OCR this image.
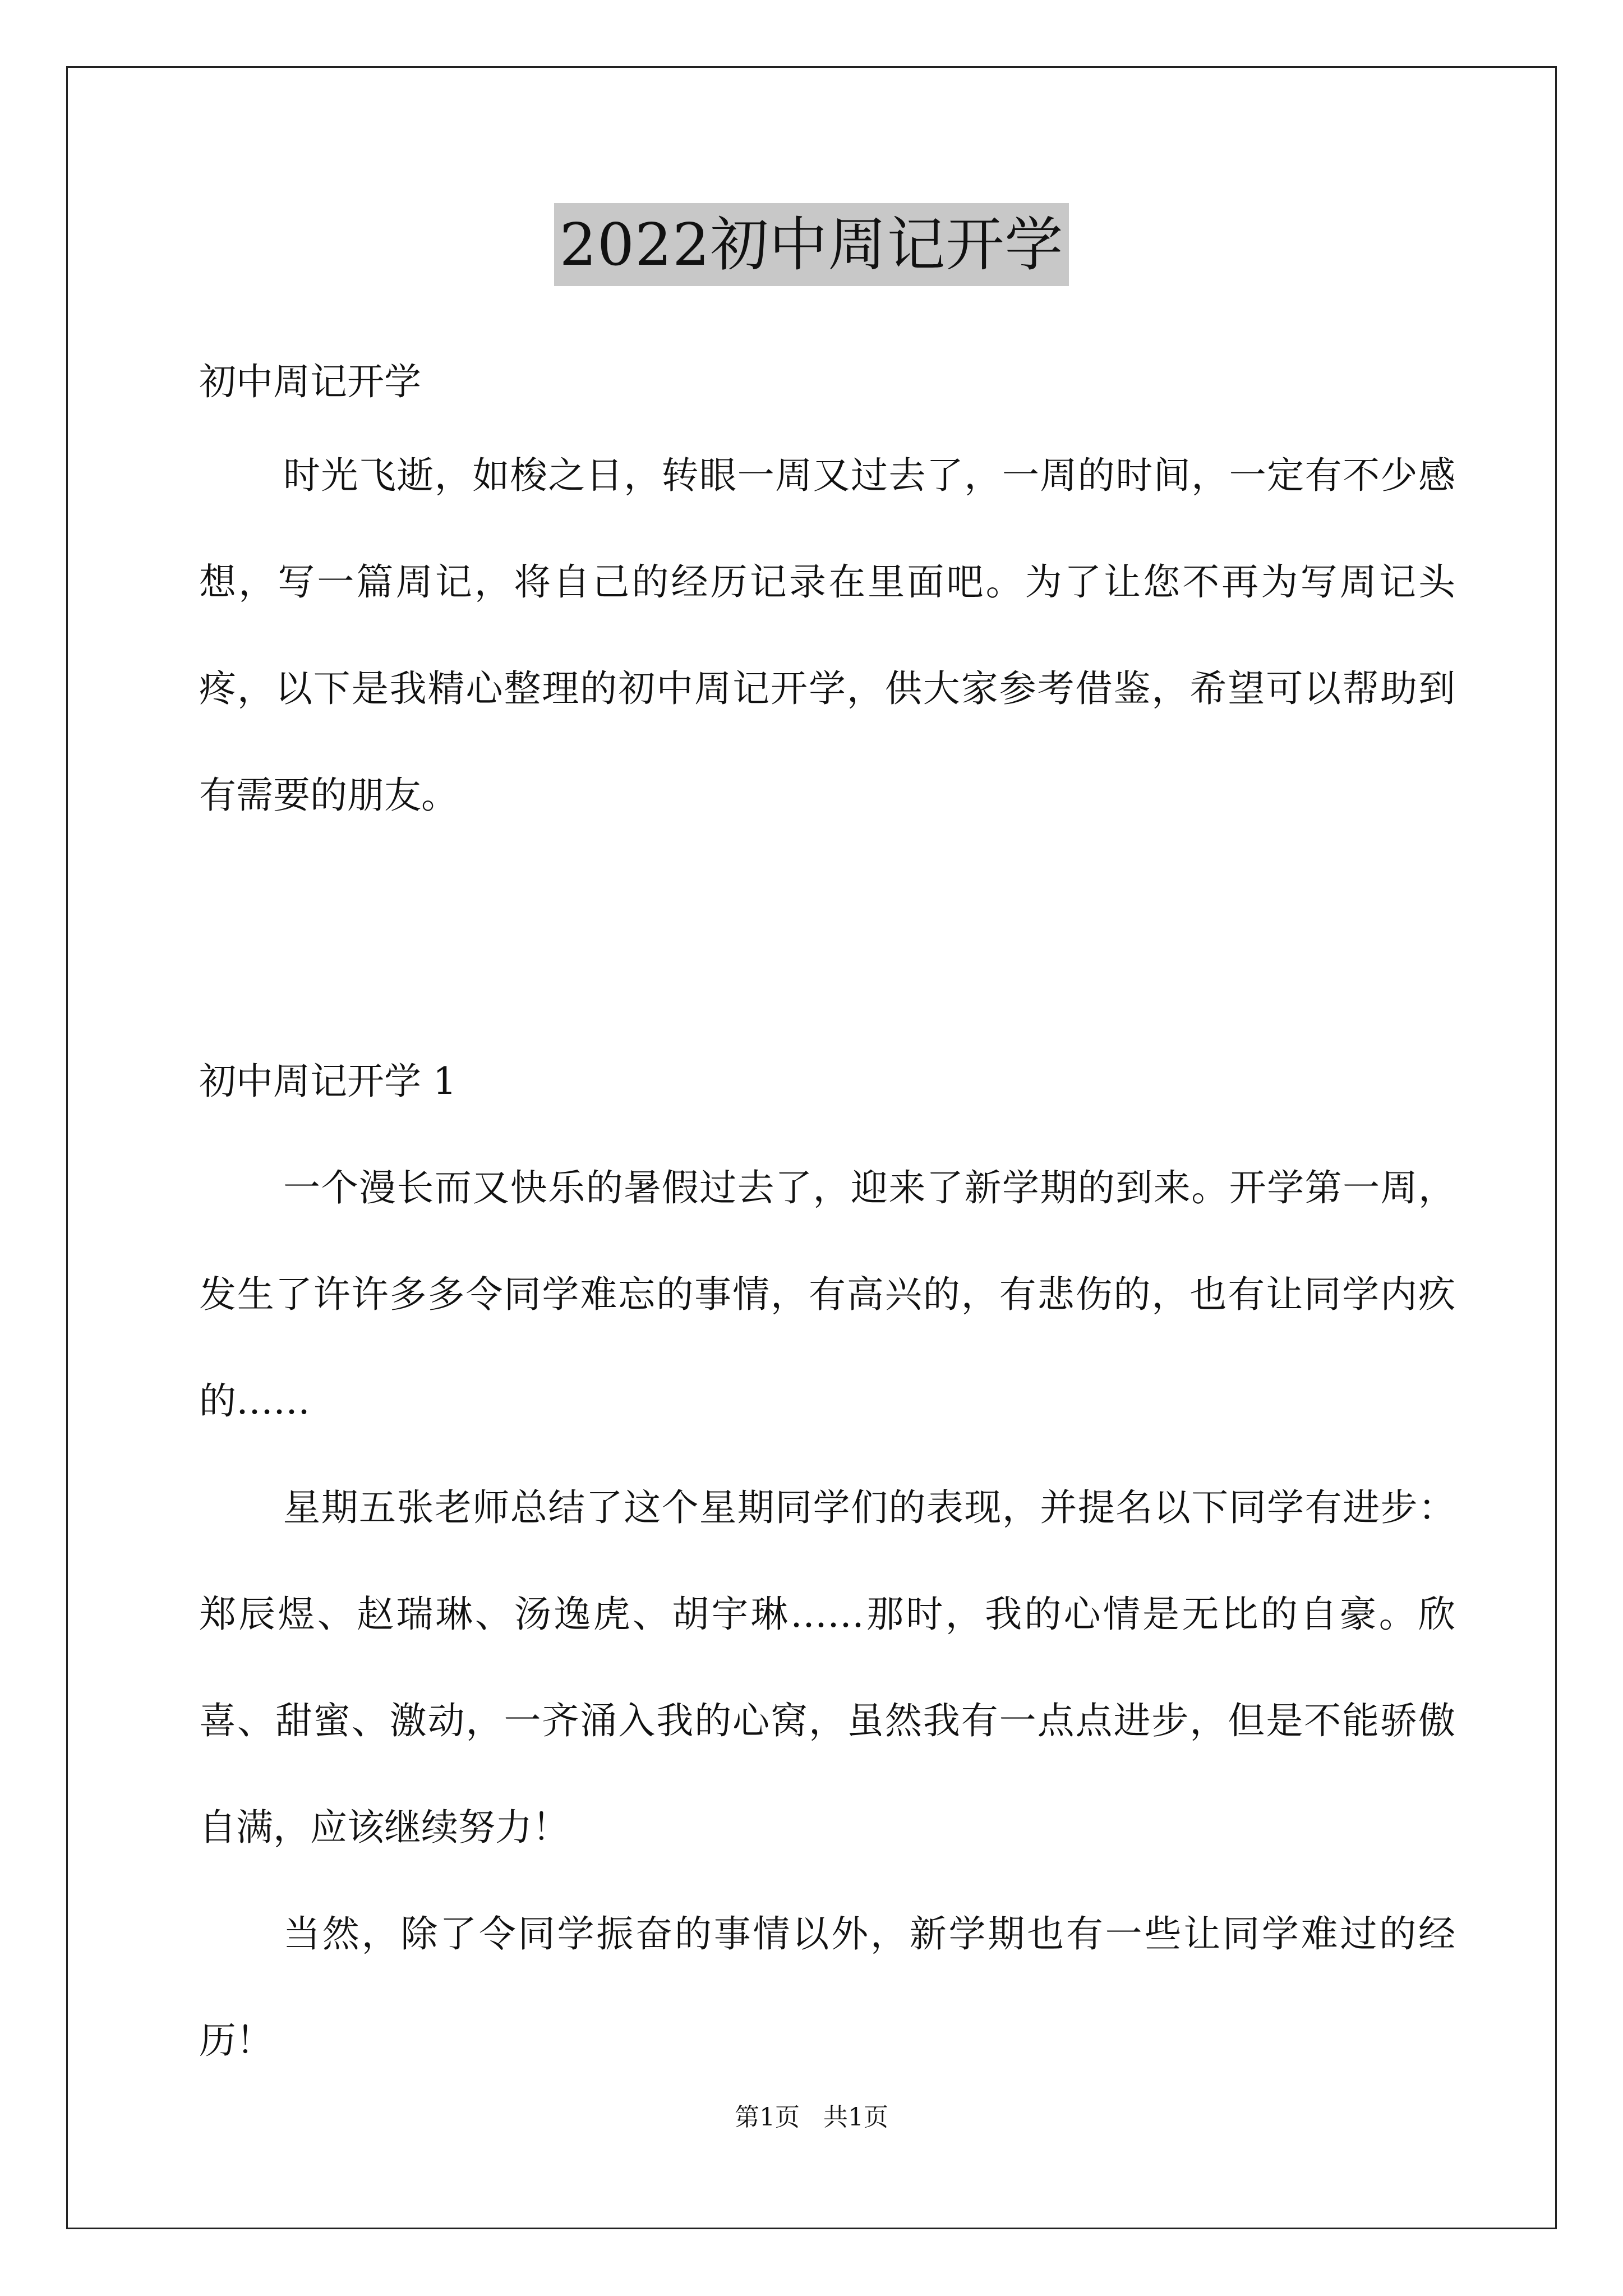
2022初中周记开学

初中周记开学

时光飞逝，如梭之日，转眼一周又过去了，一周的时间，一定有不少感想，写一篇周记，将自己的经历记录在里面吧。为了让您不再为写周记头疼，以下是我精心整理的初中周记开学，供大家参考借鉴，希望可以帮助到有需要的朋友。

初中周记开学 1

一个漫长而又快乐的暑假过去了，迎来了新学期的到来。开学第一周，发生了许许多多令同学难忘的事情，有高兴的，有悲伤的，也有让同学内疚的……

星期五张老师总结了这个星期同学们的表现，并提名以下同学有进步：郑辰煜、赵瑞琳、汤逸虎、胡宇琳……那时，我的心情是无比的自豪。欣喜、甜蜜、激动，一齐涌入我的心窝，虽然我有一点点进步，但是不能骄傲自满，应该继续努力！

当然，除了令同学振奋的事情以外，新学期也有一些让同学难过的经历！

第1页   共1页
